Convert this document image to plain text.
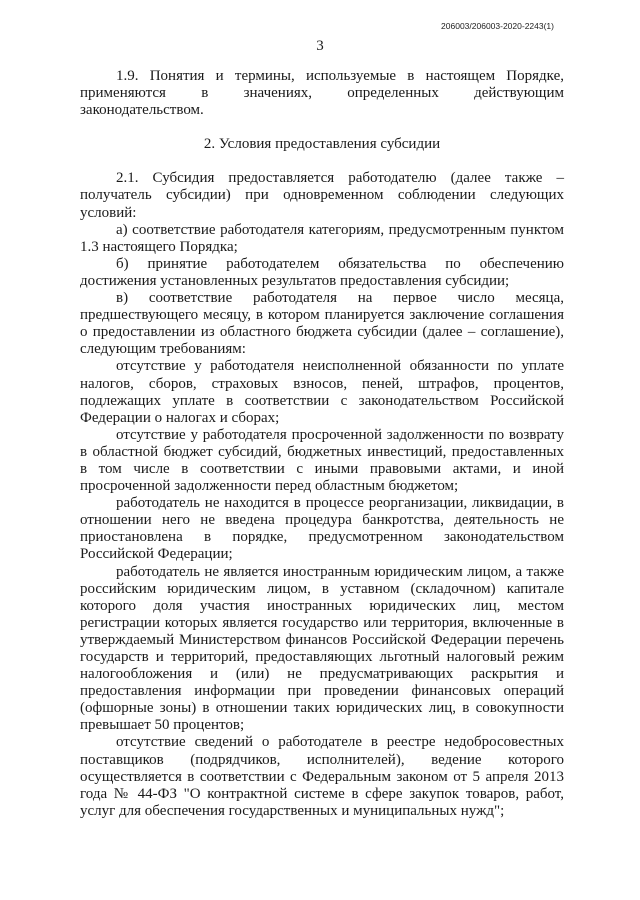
206003/206003-2020-2243(1)
3

1.9. Понятия и термины, используемые в настоящем Порядке, применяются в значениях, определенных действующим законодательством.

2. Условия предоставления субсидии

2.1. Субсидия предоставляется работодателю (далее также – получатель субсидии) при одновременном соблюдении следующих условий:

а) соответствие работодателя категориям, предусмотренным пунктом 1.3 настоящего Порядка;

б) принятие работодателем обязательства по обеспечению достижения установленных результатов предоставления субсидии;

в) соответствие работодателя на первое число месяца, предшествующего месяцу, в котором планируется заключение соглашения о предоставлении из областного бюджета субсидии (далее – соглашение), следующим требованиям:

отсутствие у работодателя неисполненной обязанности по уплате налогов, сборов, страховых взносов, пеней, штрафов, процентов, подлежащих уплате в соответствии с законодательством Российской Федерации о налогах и сборах;

отсутствие у работодателя просроченной задолженности по возврату в областной бюджет субсидий, бюджетных инвестиций, предоставленных в том числе в соответствии с иными правовыми актами, и иной просроченной задолженности перед областным бюджетом;

работодатель не находится в процессе реорганизации, ликвидации, в отношении него не введена процедура банкротства, деятельность не приостановлена в порядке, предусмотренном законодательством Российской Федерации;

работодатель не является иностранным юридическим лицом, а также российским юридическим лицом, в уставном (складочном) капитале которого доля участия иностранных юридических лиц, местом регистрации которых является государство или территория, включенные в утверждаемый Министерством финансов Российской Федерации перечень государств и территорий, предоставляющих льготный налоговый режим налогообложения и (или) не предусматривающих раскрытия и предоставления информации при проведении финансовых операций (офшорные зоны) в отношении таких юридических лиц, в совокупности превышает 50 процентов;

отсутствие сведений о работодателе в реестре недобросовестных поставщиков (подрядчиков, исполнителей), ведение которого осуществляется в соответствии с Федеральным законом от 5 апреля 2013 года № 44-ФЗ "О контрактной системе в сфере закупок товаров, работ, услуг для обеспечения государственных и муниципальных нужд";
